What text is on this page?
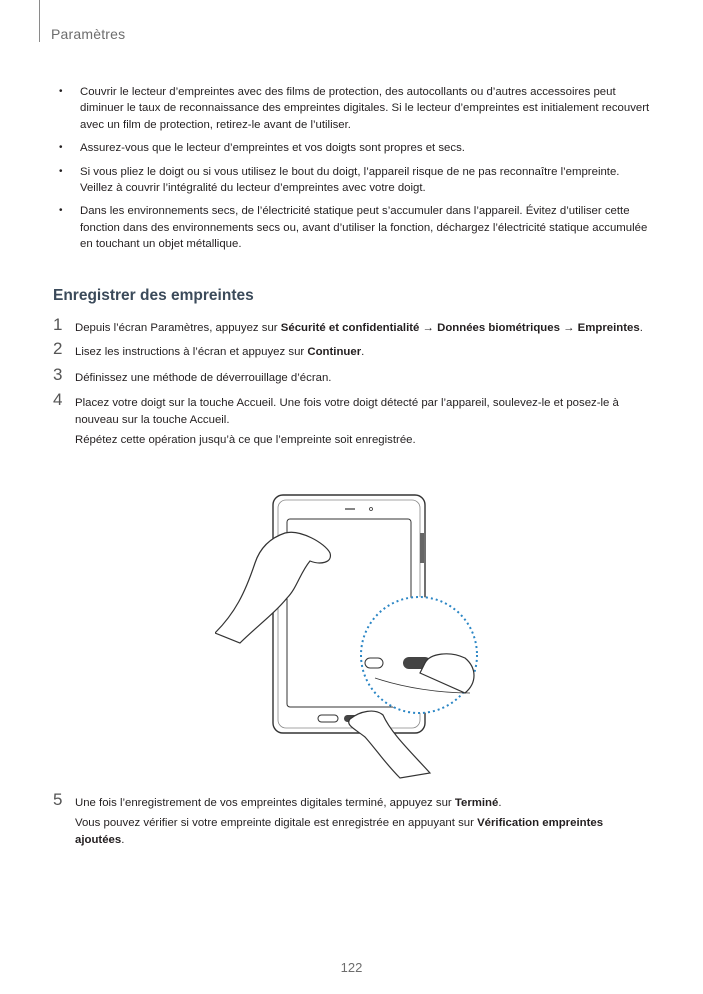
Paramètres
• Couvrir le lecteur d’empreintes avec des films de protection, des autocollants ou d’autres accessoires peut diminuer le taux de reconnaissance des empreintes digitales. Si le lecteur d’empreintes est initialement recouvert avec un film de protection, retirez-le avant de l’utiliser.
• Assurez-vous que le lecteur d’empreintes et vos doigts sont propres et secs.
• Si vous pliez le doigt ou si vous utilisez le bout du doigt, l’appareil risque de ne pas reconnaître l’empreinte. Veillez à couvrir l’intégralité du lecteur d’empreintes avec votre doigt.
• Dans les environnements secs, de l’électricité statique peut s’accumuler dans l’appareil. Évitez d’utiliser cette fonction dans des environnements secs ou, avant d’utiliser la fonction, déchargez l’électricité statique accumulée en touchant un objet métallique.
Enregistrer des empreintes
1 Depuis l’écran Paramètres, appuyez sur Sécurité et confidentialité → Données biométriques → Empreintes.
2 Lisez les instructions à l’écran et appuyez sur Continuer.
3 Définissez une méthode de déverrouillage d’écran.
4 Placez votre doigt sur la touche Accueil. Une fois votre doigt détecté par l’appareil, soulevez-le et posez-le à nouveau sur la touche Accueil.

Répétez cette opération jusqu’à ce que l’empreinte soit enregistrée.

5 Une fois l’enregistrement de vos empreintes digitales terminé, appuyez sur Terminé.

Vous pouvez vérifier si votre empreinte digitale est enregistrée en appuyant sur Vérification empreintes ajoutées.

122
